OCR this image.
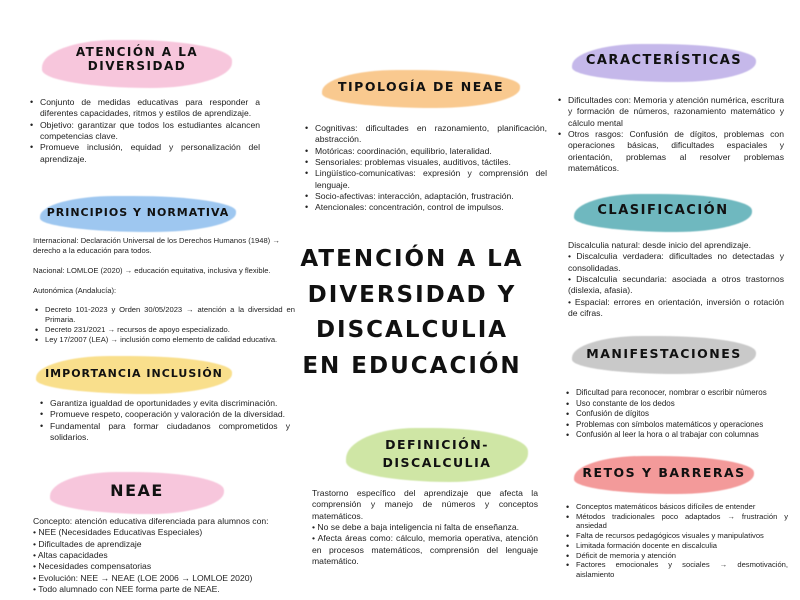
ATENCIÓN A LA DIVERSIDAD
• Conjunto de medidas educativas para responder a diferentes capacidades, ritmos y estilos de aprendizaje.
• Objetivo: garantizar que todos los estudiantes alcancen competencias clave.
• Promueve inclusión, equidad y personalización del aprendizaje.
PRINCIPIOS Y NORMATIVA

Internacional: Declaración Universal de los Derechos Humanos (1948) → derecho a la educación para todos.

Nacional: LOMLOE (2020) → educación equitativa, inclusiva y flexible.

Autonómica (Andalucía):

• Decreto 101-2023 y Orden 30/05/2023 → atención a la diversidad en Primaria.
• Decreto 231/2021 → recursos de apoyo especializado.
• Ley 17/2007 (LEA) → inclusión como elemento de calidad educativa.
IMPORTANCIA INCLUSIÓN
• Garantiza igualdad de oportunidades y evita discriminación.
• Promueve respeto, cooperación y valoración de la diversidad.
• Fundamental para formar ciudadanos comprometidos y solidarios.
NEAE

Concepto: atención educativa diferenciada para alumnos con:

• NEE (Necesidades Educativas Especiales)

• Dificultades de aprendizaje

• Altas capacidades

• Necesidades compensatorias

• Evolución: NEE → NEAE (LOE 2006 → LOMLOE 2020)

• Todo alumnado con NEE forma parte de NEAE.

TIPOLOGÍA DE NEAE
• Cognitivas: dificultades en razonamiento, planificación, abstracción.
• Motóricas: coordinación, equilibrio, lateralidad.
• Sensoriales: problemas visuales, auditivos, táctiles.
• Lingüístico-comunicativas: expresión y comprensión del lenguaje.
• Socio-afectivas: interacción, adaptación, frustración.
• Atencionales: concentración, control de impulsos.
ATENCIÓN A LA DIVERSIDAD Y DISCALCULIA EN EDUCACIÓN
DEFINICIÓN- DISCALCULIA

Trastorno específico del aprendizaje que afecta la comprensión y manejo de números y conceptos matemáticos.

• No se debe a baja inteligencia ni falta de enseñanza.

• Afecta áreas como: cálculo, memoria operativa, atención en procesos matemáticos, comprensión del lenguaje matemático.

CARACTERÍSTICAS
• Dificultades con: Memoria y atención numérica, escritura y formación de números, razonamiento matemático y cálculo mental
• Otros rasgos: Confusión de dígitos, problemas con operaciones básicas, dificultades espaciales y orientación, problemas al resolver problemas matemáticos.
CLASIFICACIÓN

Discalculia natural: desde inicio del aprendizaje.

• Discalculia verdadera: dificultades no detectadas y consolidadas.

• Discalculia secundaria: asociada a otros trastornos (dislexia, afasia).

• Espacial: errores en orientación, inversión o rotación de cifras.

MANIFESTACIONES
• Dificultad para reconocer, nombrar o escribir números
• Uso constante de los dedos
• Confusión de dígitos
• Problemas con símbolos matemáticos y operaciones
• Confusión al leer la hora o al trabajar con columnas
RETOS Y BARRERAS
• Conceptos matemáticos básicos difíciles de entender
• Métodos tradicionales poco adaptados → frustración y ansiedad
• Falta de recursos pedagógicos visuales y manipulativos
• Limitada formación docente en discalculia
• Déficit de memoria y atención
• Factores emocionales y sociales → desmotivación, aislamiento
